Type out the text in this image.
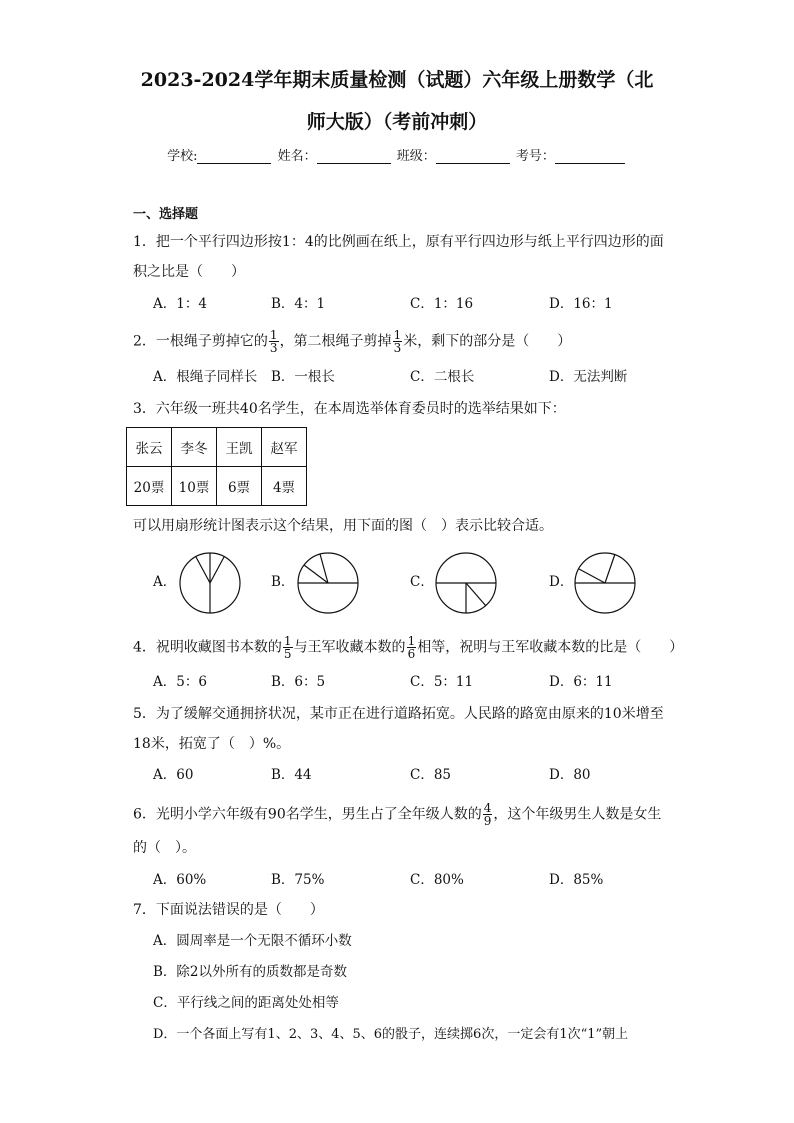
2023-2024学年期末质量检测（试题）六年级上册数学（北
师大版）（考前冲刺）
学校:	姓名：	班级：	考号：
一、选择题
1．把一个平行四边形按1：4的比例画在纸上，原有平行四边形与纸上平行四边形的面
积之比是（　　）
A．1：4	B．4：1	C．1：16	D．16：1
2．一根绳子剪掉它的 $\frac{1}{3}$ ，第二根绳子剪掉 $\frac{1}{3}$ 米，剩下的部分是（　　）
A．根绳子同样长 B．一根长	C．二根长	D．无法判断
3．六年级一班共40名学生，在本周选举体育委员时的选举结果如下：
张云	李冬	王凯	赵军
20票	10票	6票	4票
可以用扇形统计图表示这个结果，用下面的图（　）表示比较合适。
A．	B．	C．	D．
4．祝明收藏图书本数的 $\frac{1}{5}$ 与王军收藏本数的 $\frac{1}{6}$ 相等，祝明与王军收藏本数的比是（　　）
A．5：6	B．6：5	C．5：11	D．6：11
5．为了缓解交通拥挤状况，某市正在进行道路拓宽。人民路的路宽由原来的10米增至
18米，拓宽了（　）%。
A．60	B．44	C．85	D．80
6．光明小学六年级有90名学生，男生占了全年级人数的 $\frac{4}{9}$ ，这个年级男生人数是女生
的（　）。
A．60%	B．75%	C．80%	D．85%
7．下面说法错误的是（　　）
A．圆周率是一个无限不循环小数
B．除2以外所有的质数都是奇数
C．平行线之间的距离处处相等
D．一个各面上写有1、2、3、4、5、6的骰子，连续掷6次，一定会有1次“1”朝上
